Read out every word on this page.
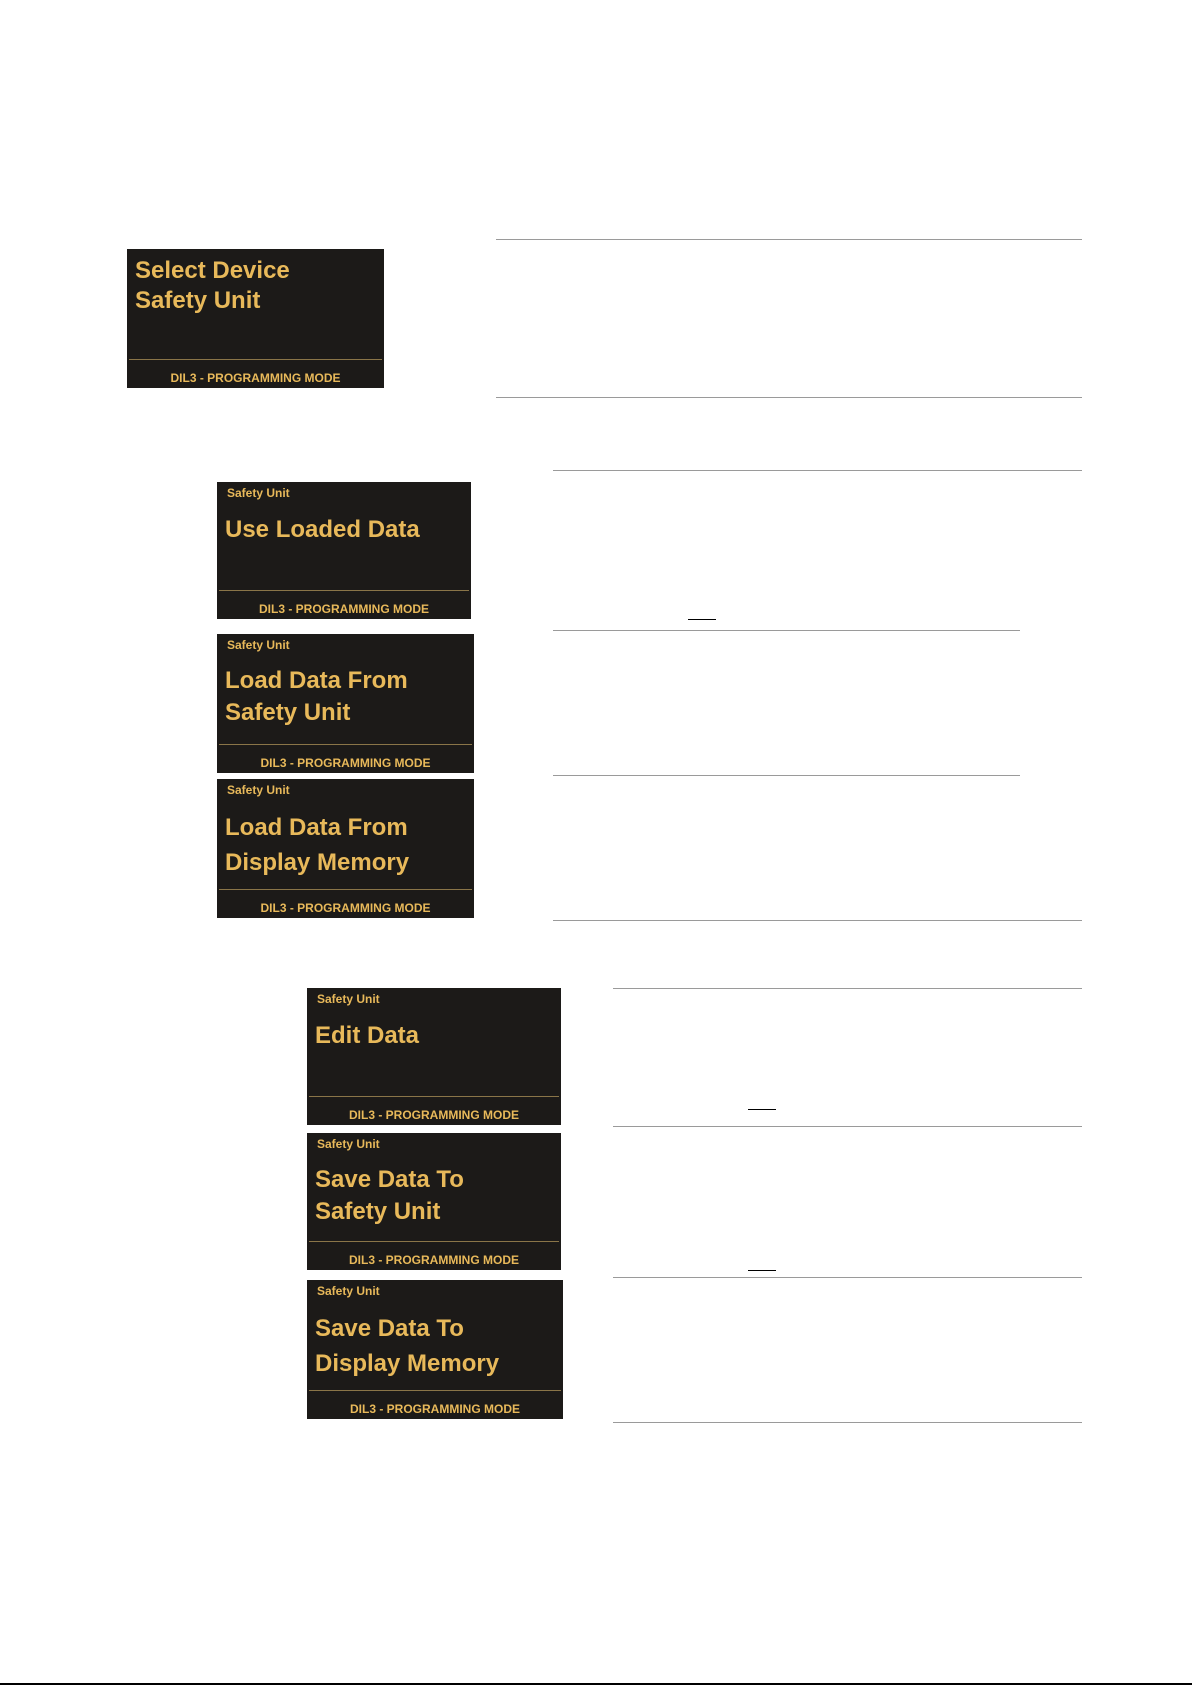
Select Device
Safety Unit
DIL3 - PROGRAMMING MODE
Safety Unit
Use Loaded Data
DIL3 - PROGRAMMING MODE
Safety Unit
Load Data From
Safety Unit
DIL3 - PROGRAMMING MODE
Safety Unit
Load Data From
Display Memory
DIL3 - PROGRAMMING MODE
Safety Unit
Edit Data
DIL3 - PROGRAMMING MODE
Safety Unit
Save Data To
Safety Unit
DIL3 - PROGRAMMING MODE
Safety Unit
Save Data To
Display Memory
DIL3 - PROGRAMMING MODE
